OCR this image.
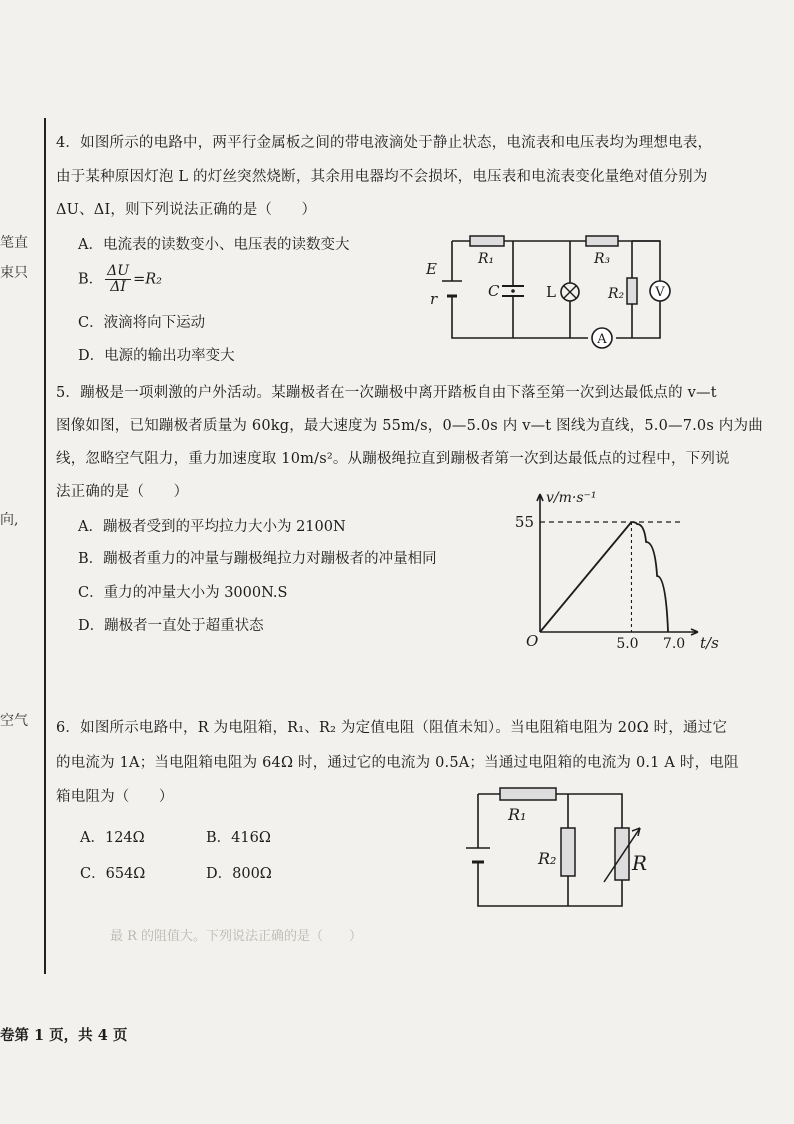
笔直
束只
向,
空气
4．如图所示的电路中，两平行金属板之间的带电液滴处于静止状态，电流表和电压表均为理想电表，
由于某种原因灯泡 L 的灯丝突然烧断，其余用电器均不会损坏，电压表和电流表变化量绝对值分别为
ΔU、ΔI，则下列说法正确的是（　　）
A．电流表的读数变小、电压表的读数变大
B． $\frac{\Delta U}{\Delta I} =R_2$
C．液滴将向下运动
D．电源的输出功率变大
V
A
R₁	R₃
E
r	C	L	R₂
5．蹦极是一项刺激的户外活动。某蹦极者在一次蹦极中离开踏板自由下落至第一次到达最低点的 v—t
图像如图，已知蹦极者质量为 60kg，最大速度为 55m/s，0—5.0s 内 v—t 图线为直线，5.0—7.0s 内为曲
线，忽略空气阻力，重力加速度取 10m/s²。从蹦极绳拉直到蹦极者第一次到达最低点的过程中，下列说
法正确的是（　　）
A．蹦极者受到的平均拉力大小为 2100N
B．蹦极者重力的冲量与蹦极绳拉力对蹦极者的冲量相同
C．重力的冲量大小为 3000N.S
D．蹦极者一直处于超重状态
55
5.0 7.0
O	t/s
v/m·s⁻¹
6．如图所示电路中，R 为电阻箱，R₁、R₂ 为定值电阻（阻值未知）。当电阻箱电阻为 20Ω 时，通过它
的电流为 1A；当电阻箱电阻为 64Ω 时，通过它的电流为 0.5A；当通过电阻箱的电流为 0.1 A 时，电阻
箱电阻为（　　）
A．124Ω	B．416Ω
C．654Ω	D．800Ω
R₁
R₂	R
最 R 的阻值大。下列说法正确的是（　　）
卷第 1 页，共 4 页
